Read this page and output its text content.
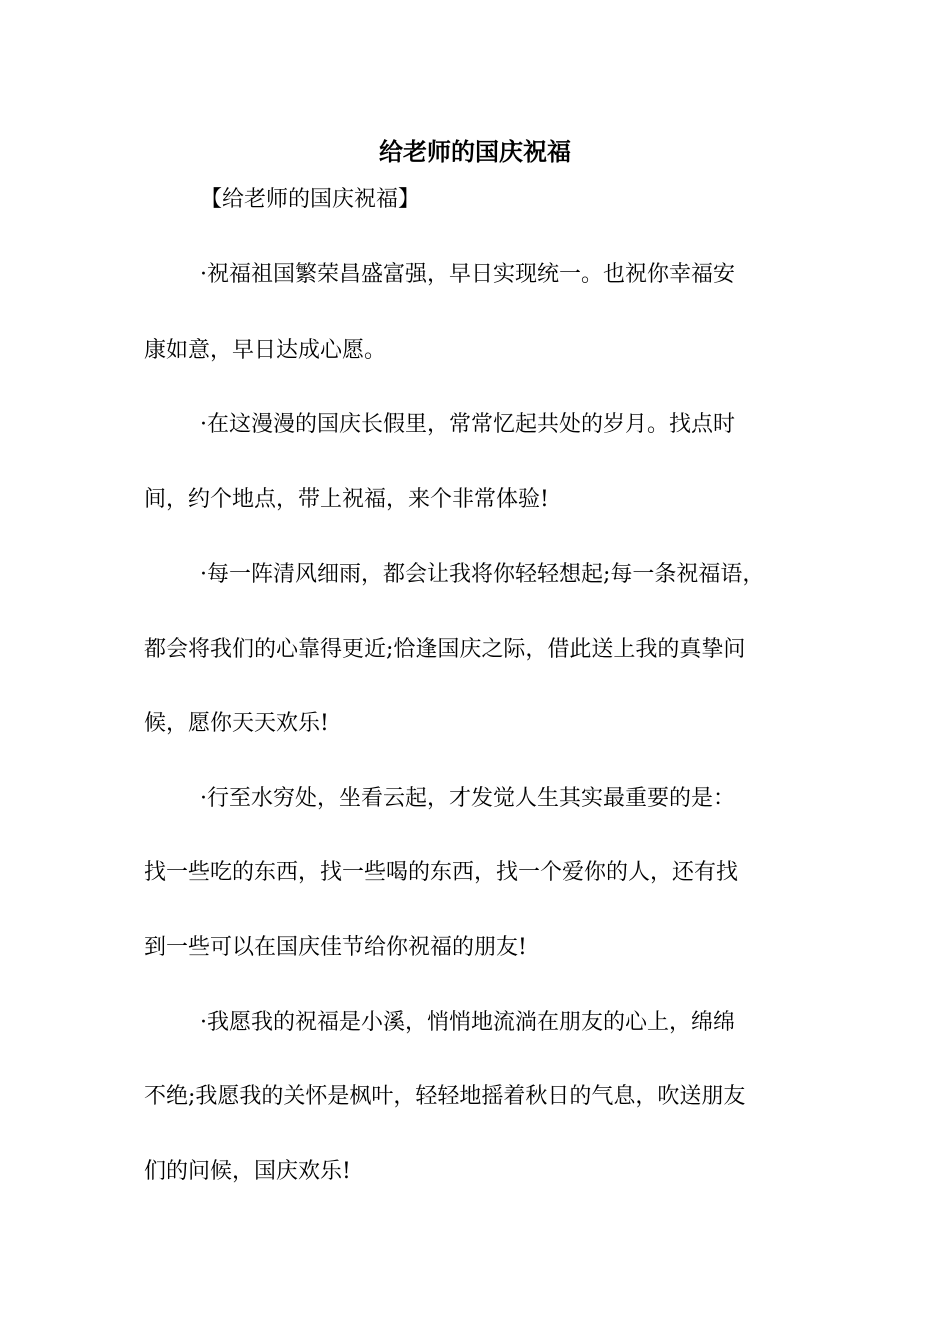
给老师的国庆祝福

【给老师的国庆祝福】

·祝福祖国繁荣昌盛富强，早日实现统一。也祝你幸福安

康如意，早日达成心愿。

·在这漫漫的国庆长假里，常常忆起共处的岁月。找点时

间，约个地点，带上祝福，来个非常体验!

·每一阵清风细雨，都会让我将你轻轻想起;每一条祝福语，

都会将我们的心靠得更近;恰逢国庆之际，借此送上我的真挚问

候，愿你天天欢乐!

·行至水穷处，坐看云起，才发觉人生其实最重要的是：

找一些吃的东西，找一些喝的东西，找一个爱你的人，还有找

到一些可以在国庆佳节给你祝福的朋友!

·我愿我的祝福是小溪，悄悄地流淌在朋友的心上，绵绵

不绝;我愿我的关怀是枫叶，轻轻地摇着秋日的气息，吹送朋友

们的问候，国庆欢乐!
